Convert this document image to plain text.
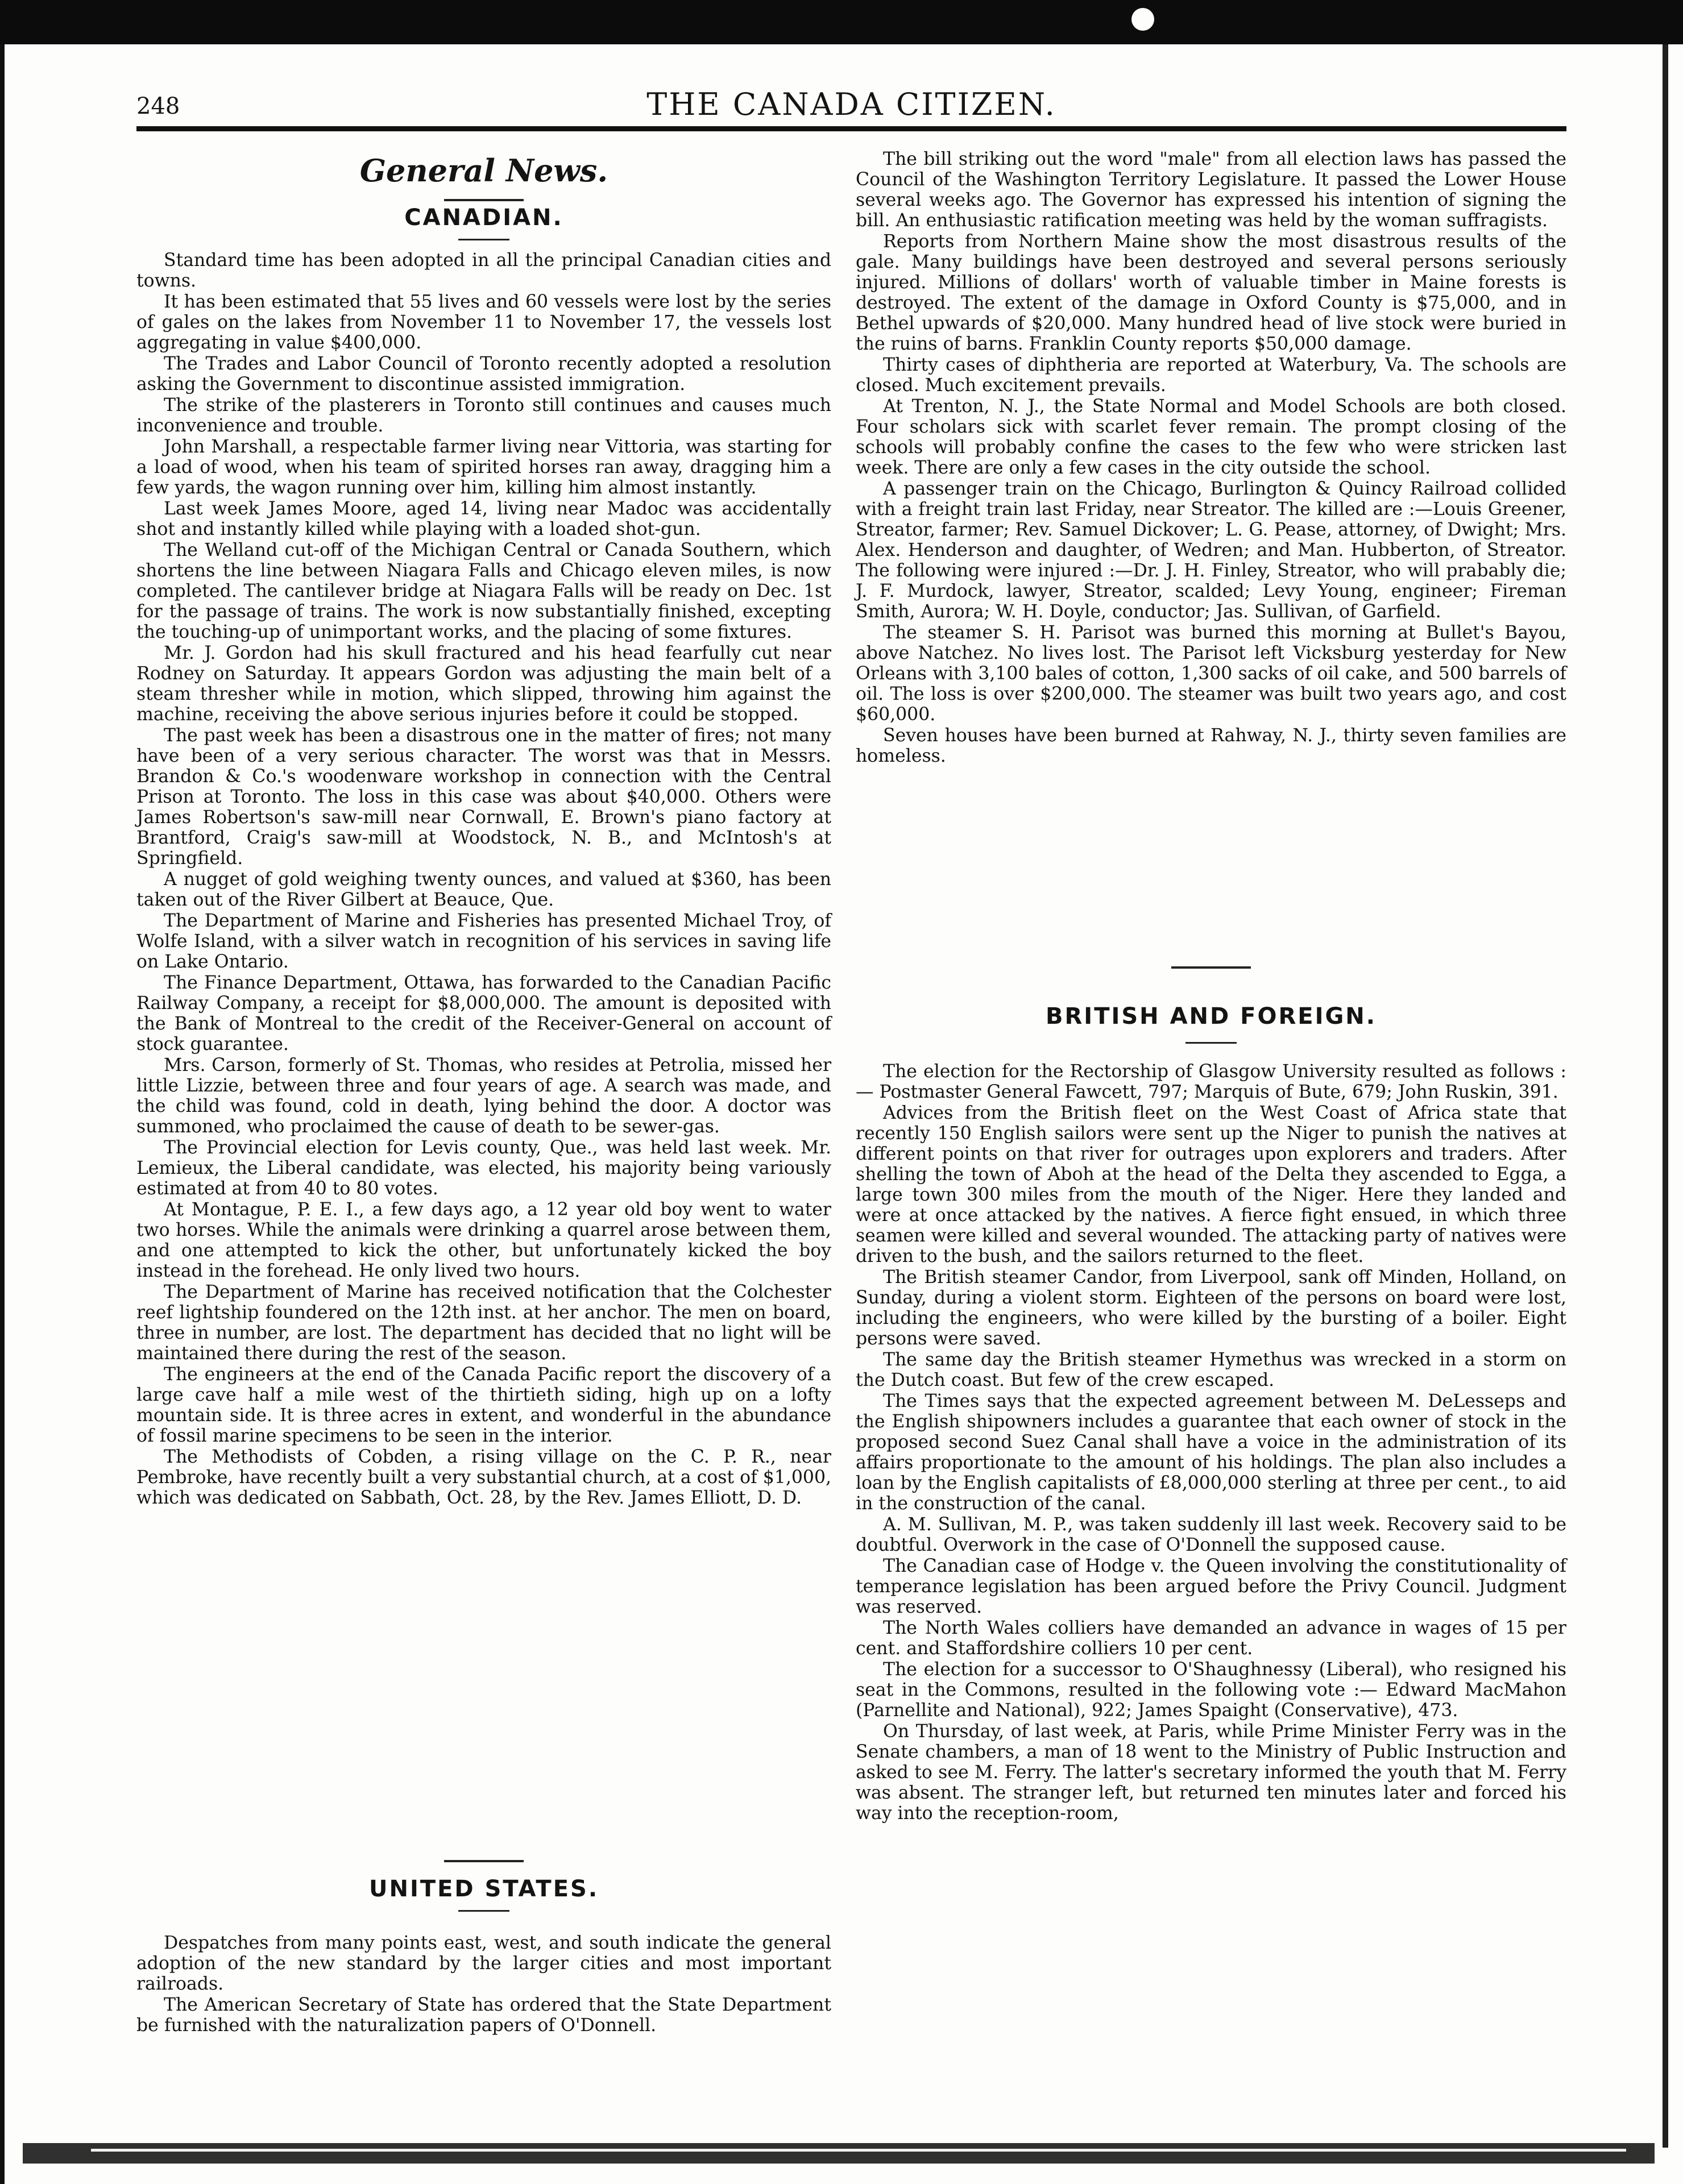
248	THE CANADA CITIZEN.
General News.
CANADIAN.

Standard time has been adopted in all the principal Canadian cities and towns.

It has been estimated that 55 lives and 60 vessels were lost by the series of gales on the lakes from November 11 to November 17, the vessels lost aggregating in value $400,000.

The Trades and Labor Council of Toronto recently adopted a resolution asking the Government to discontinue assisted immigration.

The strike of the plasterers in Toronto still continues and causes much inconvenience and trouble.

John Marshall, a respectable farmer living near Vittoria, was starting for a load of wood, when his team of spirited horses ran away, dragging him a few yards, the wagon running over him, killing him almost instantly.

Last week James Moore, aged 14, living near Madoc was accidentally shot and instantly killed while playing with a loaded shot-gun.

The Welland cut-off of the Michigan Central or Canada Southern, which shortens the line between Niagara Falls and Chicago eleven miles, is now completed. The cantilever bridge at Niagara Falls will be ready on Dec. 1st for the passage of trains. The work is now substantially finished, excepting the touching-up of unimportant works, and the placing of some fixtures.

Mr. J. Gordon had his skull fractured and his head fearfully cut near Rodney on Saturday. It appears Gordon was adjusting the main belt of a steam thresher while in motion, which slipped, throwing him against the machine, receiving the above serious injuries before it could be stopped.

The past week has been a disastrous one in the matter of fires; not many have been of a very serious character. The worst was that in Messrs. Brandon & Co.'s woodenware workshop in connection with the Central Prison at Toronto. The loss in this case was about $40,000. Others were James Robertson's saw-mill near Cornwall, E. Brown's piano factory at Brantford, Craig's saw-mill at Woodstock, N. B., and McIntosh's at Springfield.

A nugget of gold weighing twenty ounces, and valued at $360, has been taken out of the River Gilbert at Beauce, Que.

The Department of Marine and Fisheries has presented Michael Troy, of Wolfe Island, with a silver watch in recognition of his services in saving life on Lake Ontario.

The Finance Department, Ottawa, has forwarded to the Canadian Pacific Railway Company, a receipt for $8,000,000. The amount is deposited with the Bank of Montreal to the credit of the Receiver-General on account of stock guarantee.

Mrs. Carson, formerly of St. Thomas, who resides at Petrolia, missed her little Lizzie, between three and four years of age. A search was made, and the child was found, cold in death, lying behind the door. A doctor was summoned, who proclaimed the cause of death to be sewer-gas.

The Provincial election for Levis county, Que., was held last week. Mr. Lemieux, the Liberal candidate, was elected, his majority being variously estimated at from 40 to 80 votes.

At Montague, P. E. I., a few days ago, a 12 year old boy went to water two horses. While the animals were drinking a quarrel arose between them, and one attempted to kick the other, but unfortunately kicked the boy instead in the forehead. He only lived two hours.

The Department of Marine has received notification that the Colchester reef lightship foundered on the 12th inst. at her anchor. The men on board, three in number, are lost. The department has decided that no light will be maintained there during the rest of the season.

The engineers at the end of the Canada Pacific report the discovery of a large cave half a mile west of the thirtieth siding, high up on a lofty mountain side. It is three acres in extent, and wonderful in the abundance of fossil marine specimens to be seen in the interior.

The Methodists of Cobden, a rising village on the C. P. R., near Pembroke, have recently built a very substantial church, at a cost of $1,000, which was dedicated on Sabbath, Oct. 28, by the Rev. James Elliott, D. D.

UNITED STATES.

Despatches from many points east, west, and south indicate the general adoption of the new standard by the larger cities and most important railroads.

The American Secretary of State has ordered that the State Department be furnished with the naturalization papers of O'Donnell.

The bill striking out the word "male" from all election laws has passed the Council of the Washington Territory Legislature. It passed the Lower House several weeks ago. The Governor has expressed his intention of signing the bill. An enthusiastic ratification meeting was held by the woman suffragists.

Reports from Northern Maine show the most disastrous results of the gale. Many buildings have been destroyed and several persons seriously injured. Millions of dollars' worth of valuable timber in Maine forests is destroyed. The extent of the damage in Oxford County is $75,000, and in Bethel upwards of $20,000. Many hundred head of live stock were buried in the ruins of barns. Franklin County reports $50,000 damage.

Thirty cases of diphtheria are reported at Waterbury, Va. The schools are closed. Much excitement prevails.

At Trenton, N. J., the State Normal and Model Schools are both closed. Four scholars sick with scarlet fever remain. The prompt closing of the schools will probably confine the cases to the few who were stricken last week. There are only a few cases in the city outside the school.

A passenger train on the Chicago, Burlington & Quincy Railroad collided with a freight train last Friday, near Streator. The killed are :—Louis Greener, Streator, farmer; Rev. Samuel Dickover; L. G. Pease, attorney, of Dwight; Mrs. Alex. Henderson and daughter, of Wedren; and Man. Hubberton, of Streator. The following were injured :—Dr. J. H. Finley, Streator, who will prabably die; J. F. Murdock, lawyer, Streator, scalded; Levy Young, engineer; Fireman Smith, Aurora; W. H. Doyle, conductor; Jas. Sullivan, of Garfield.

The steamer S. H. Parisot was burned this morning at Bullet's Bayou, above Natchez. No lives lost. The Parisot left Vicksburg yesterday for New Orleans with 3,100 bales of cotton, 1,300 sacks of oil cake, and 500 barrels of oil. The loss is over $200,000. The steamer was built two years ago, and cost $60,000.

Seven houses have been burned at Rahway, N. J., thirty seven families are homeless.

BRITISH AND FOREIGN.

The election for the Rectorship of Glasgow University resulted as follows :— Postmaster General Fawcett, 797; Marquis of Bute, 679; John Ruskin, 391.

Advices from the British fleet on the West Coast of Africa state that recently 150 English sailors were sent up the Niger to punish the natives at different points on that river for outrages upon explorers and traders. After shelling the town of Aboh at the head of the Delta they ascended to Egga, a large town 300 miles from the mouth of the Niger. Here they landed and were at once attacked by the natives. A fierce fight ensued, in which three seamen were killed and several wounded. The attacking party of natives were driven to the bush, and the sailors returned to the fleet.

The British steamer Candor, from Liverpool, sank off Minden, Holland, on Sunday, during a violent storm. Eighteen of the persons on board were lost, including the engineers, who were killed by the bursting of a boiler. Eight persons were saved.

The same day the British steamer Hymethus was wrecked in a storm on the Dutch coast. But few of the crew escaped.

The Times says that the expected agreement between M. DeLesseps and the English shipowners includes a guarantee that each owner of stock in the proposed second Suez Canal shall have a voice in the administration of its affairs proportionate to the amount of his holdings. The plan also includes a loan by the English capitalists of £8,000,000 sterling at three per cent., to aid in the construction of the canal.

A. M. Sullivan, M. P., was taken suddenly ill last week. Recovery said to be doubtful. Overwork in the case of O'Donnell the supposed cause.

The Canadian case of Hodge v. the Queen involving the constitutionality of temperance legislation has been argued before the Privy Council. Judgment was reserved.

The North Wales colliers have demanded an advance in wages of 15 per cent. and Staffordshire colliers 10 per cent.

The election for a successor to O'Shaughnessy (Liberal), who resigned his seat in the Commons, resulted in the following vote :— Edward MacMahon (Parnellite and National), 922; James Spaight (Conservative), 473.

On Thursday, of last week, at Paris, while Prime Minister Ferry was in the Senate chambers, a man of 18 went to the Ministry of Public Instruction and asked to see M. Ferry. The latter's secretary informed the youth that M. Ferry was absent. The stranger left, but returned ten minutes later and forced his way into the reception-room,
